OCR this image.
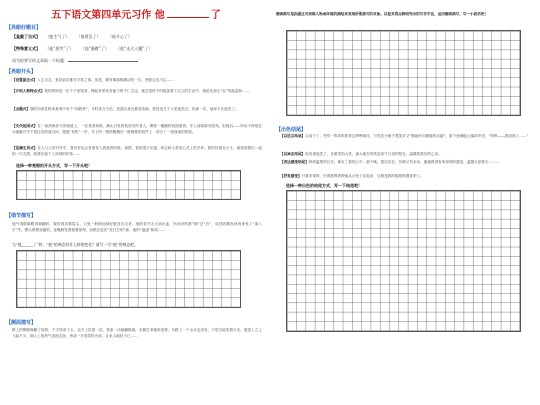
五下语文第四单元习作 他	了
【亮眼好题目】
【直截了当式】 （他生气了） （他着急了） （他开心了）
【特殊意义式】 （他“要哭”了） （他“暴跳”了） （他“走火入魔”了）
请为你要写的文章取一个标题：
【亮眼开头】
【设置悬念式】人生百态，喜怒哀乐都在平常之事。但是，哪有像那般激动的一次，使我忘也不忘……
【介绍人物特点式】我的妈妈是一位个子宽矮者，操起家里家务能力的千仁主达，她总是时不时地加着干点立的生活中，就是比那么“忍”的能量和……
【点题式】我的同桌性格率真爽中有个“四熟哥”，平时喜言少语，是是闷身边都喜热闹，曾经没几个人见他笑过，但那一次，他却卡在他笑了。
【交代起因式】在一条热闹非凡的街道上，一位老者和谁，满头白发的悦效安的老人，柳着一瓣瓣的切面面者，车上前面那对面具。但她们——所有不停地在为他解开手下管住们的面过问，便感“有机”一声，车上的一根铁鹅梳在一般梳要的铝件上：部分了一道深深的铁痕。
【语擒生风式】在人与人的对对中，我们有危会有被发入我他的时候，那情，看似很不足道，却会给人带来心灵上的关怀。我的好朋友小王，就曾被我们一起的一次友感，给我们留下了深刻的印象……
选择一种亮眼的开头方式，写一下开头吧！
【细节描写】
他气得眼睛瞪得黄翻转，紧咬着其紧眉头、太见一般暗加神好脏宫自走来，他的拳关走大到出血，所身好的都“刷”总“后”，说述的鬓发丝现身发了“那八字”外。整头都增登篇的，连嘴唇发着粗着颈刻，涂都总放在“先打打的”那，他的“凌凌”和面……
当“他______了”时，“他”的神态有什么样的变化？请写一写“他”的神态吧。
【侧面描写】
路上的柳树像睡了似的，千字枝垂下头，农夫上挂着一层，枝条一动地懒散地，无精打采地低垂着，马路上一个水点也没有，于是空地发着白光，便是上立上飞起不少，阁人上的热气送他走扬，热成一片高效的火焰，让来人地好不已……
侧面描写是指通过对周围人物或环境的描绘来表现所要描写的对象。以使其得点鲜明突出的写作手法，运用侧面描写，写一小段话吧！
【出色结尾】
【以语言结尾】合高于了，突然一阵风吹着身边哗哗响过，只见若小明于凳笑对又“粮地开向拥挽的乐趣”，留下他俩脸云落的声音，“妈妈——我成熟了……”
【以神态结尾】他发现他笑了，长微笑的大笑，那大地在的笑容如午日里的阳光，温暖着我们的心田。
【表达感受结尾】妈妈温柔的目光，像在了我的心中，那个晚，我拉存在，仿佛又有亲身，谢谢我得有所得到的感受，温馨当爱着无一……
【抒发感受】只看非常棒，仔着都教养理他从沙发上站起来，这就是我的聪明细漫视吧了。
选择一种出色的结尾方式，写一下结尾吧！
